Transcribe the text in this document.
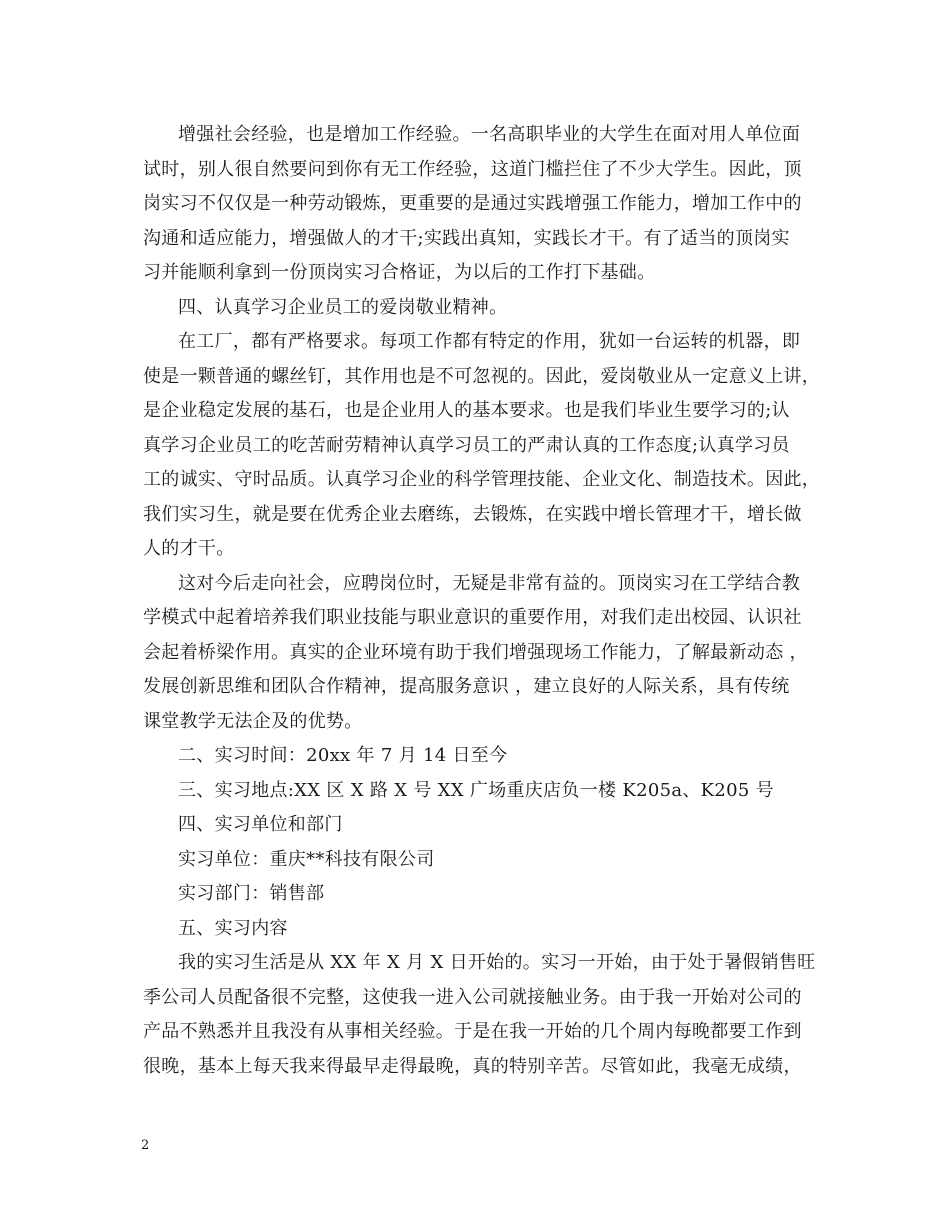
增强社会经验，也是增加工作经验。一名高职毕业的大学生在面对用人单位面
试时，别人很自然要问到你有无工作经验，这道门槛拦住了不少大学生。因此，顶
岗实习不仅仅是一种劳动锻炼，更重要的是通过实践增强工作能力，增加工作中的
沟通和适应能力，增强做人的才干;实践出真知，实践长才干。有了适当的顶岗实
习并能顺利拿到一份顶岗实习合格证，为以后的工作打下基础。
四、认真学习企业员工的爱岗敬业精神。
在工厂，都有严格要求。每项工作都有特定的作用，犹如一台运转的机器，即
使是一颗普通的螺丝钉，其作用也是不可忽视的。因此，爱岗敬业从一定意义上讲，
是企业稳定发展的基石，也是企业用人的基本要求。也是我们毕业生要学习的;认
真学习企业员工的吃苦耐劳精神认真学习员工的严肃认真的工作态度;认真学习员
工的诚实、守时品质。认真学习企业的科学管理技能、企业文化、制造技术。因此，
我们实习生，就是要在优秀企业去磨练，去锻炼，在实践中增长管理才干，增长做
人的才干。
这对今后走向社会，应聘岗位时，无疑是非常有益的。顶岗实习在工学结合教
学模式中起着培养我们职业技能与职业意识的重要作用，对我们走出校园、认识社
会起着桥梁作用。真实的企业环境有助于我们增强现场工作能力，了解最新动态 ，
发展创新思维和团队合作精神，提高服务意识 ，建立良好的人际关系，具有传统
课堂教学无法企及的优势。
二、实习时间：20xx 年 7 月 14 日至今
三、实习地点:XX 区 X 路 X 号 XX 广场重庆店负一楼 K205a、K205 号
四、实习单位和部门
实习单位：重庆**科技有限公司
实习部门：销售部
五、实习内容
我的实习生活是从 XX 年 X 月 X 日开始的。实习一开始，由于处于暑假销售旺
季公司人员配备很不完整，这使我一进入公司就接触业务。由于我一开始对公司的
产品不熟悉并且我没有从事相关经验。于是在我一开始的几个周内每晚都要工作到
很晚，基本上每天我来得最早走得最晚，真的特别辛苦。尽管如此，我毫无成绩，
2
